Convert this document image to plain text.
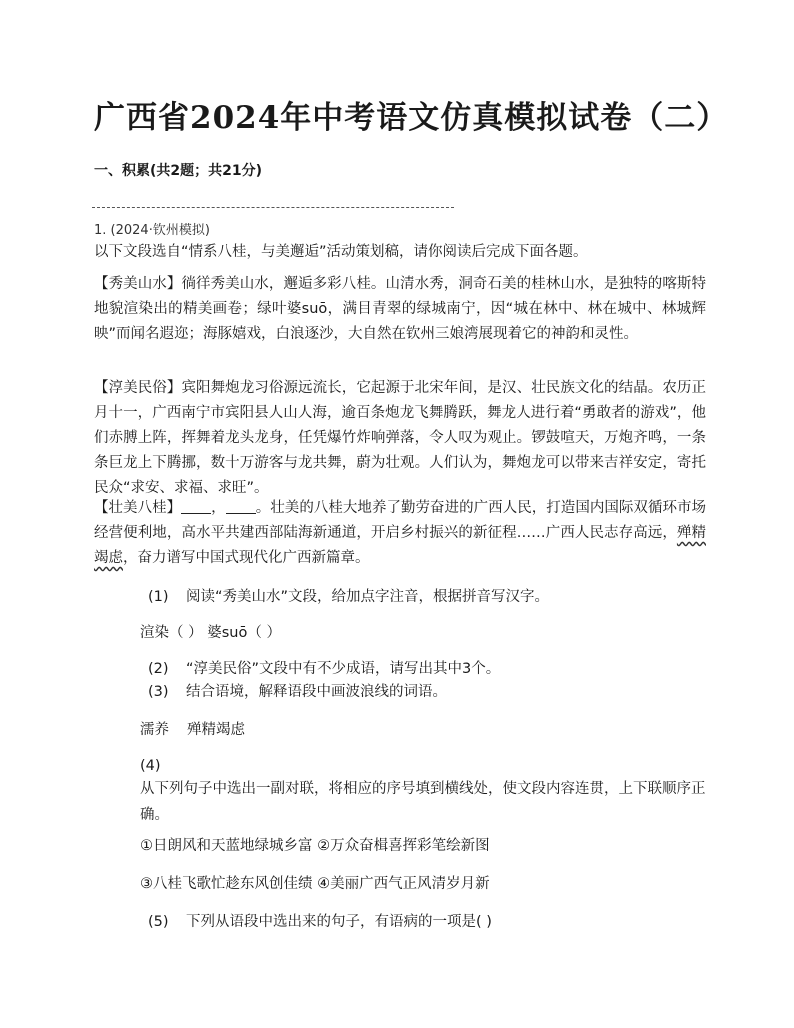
广西省2024年中考语文仿真模拟试卷（二）
一、积累(共2题；共21分)
1. (2024·钦州模拟)
以下文段选自“情系八桂，与美邂逅”活动策划稿，请你阅读后完成下面各题。
【秀美山水】徜徉秀美山水，邂逅多彩八桂。山清水秀，洞奇石美的桂林山水，是独特的喀斯特地貌渲染出的精美画卷；绿叶婆suō，满目青翠的绿城南宁，因“城在林中、林在城中、林城辉映”而闻名遐迩；海豚嬉戏，白浪逐沙，大自然在钦州三娘湾展现着它的神韵和灵性。
【淳美民俗】宾阳舞炮龙习俗源远流长，它起源于北宋年间，是汉、壮民族文化的结晶。农历正月十一，广西南宁市宾阳县人山人海，逾百条炮龙飞舞腾跃，舞龙人进行着“勇敢者的游戏”，他们赤膊上阵，挥舞着龙头龙身，任凭爆竹炸响弹落，令人叹为观止。锣鼓喧天，万炮齐鸣，一条条巨龙上下腾挪，数十万游客与龙共舞，蔚为壮观。人们认为，舞炮龙可以带来吉祥安定，寄托民众“求安、求福、求旺”。
【壮美八桂】 ， 。壮美的八桂大地养了勤劳奋进的广西人民，打造国内国际双循环市场经营便利地，高水平共建西部陆海新通道，开启乡村振兴的新征程……广西人民志存高远，殚精竭虑，奋力谱写中国式现代化广西新篇章。
(1) 阅读“秀美山水”文段，给加点字注音，根据拼音写汉字。
渲染（ ） 婆suō（ ）
(2) “淳美民俗”文段中有不少成语，请写出其中3个。
(3) 结合语境，解释语段中画波浪线的词语。
濡养 殚精竭虑
(4)
从下列句子中选出一副对联，将相应的序号填到横线处，使文段内容连贯，上下联顺序正确。
①日朗风和天蓝地绿城乡富 ②万众奋楫喜挥彩笔绘新图
③八桂飞歌忙趁东风创佳绩 ④美丽广西气正风清岁月新
(5) 下列从语段中选出来的句子，有语病的一项是( )
